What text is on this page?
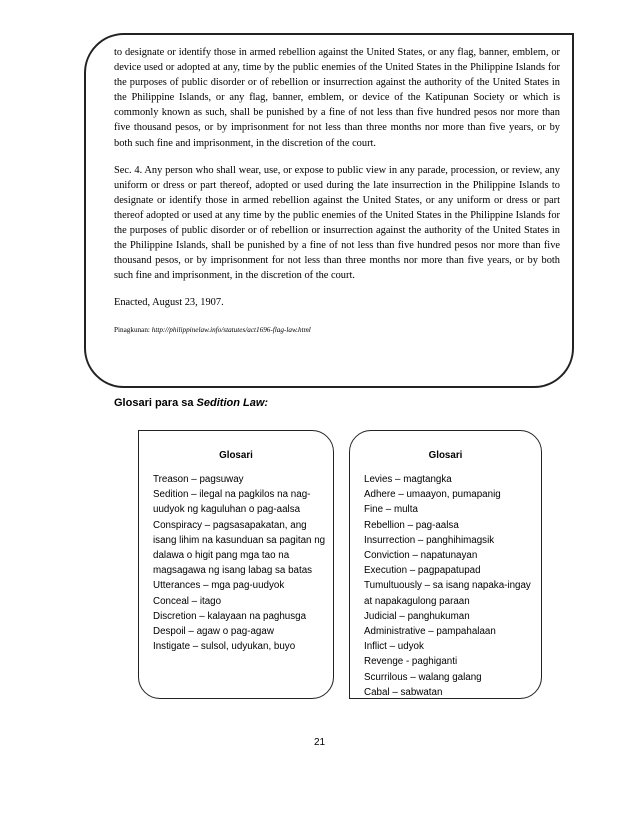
to designate or identify those in armed rebellion against the United States, or any flag, banner, emblem, or device used or adopted at any, time by the public enemies of the United States in the Philippine Islands for the purposes of public disorder or of rebellion or insurrection against the authority of the United States in the Philippine Islands, or any flag, banner, emblem, or device of the Katipunan Society or which is commonly known as such, shall be punished by a fine of not less than five hundred pesos nor more than five thousand pesos, or by imprisonment for not less than three months nor more than five years, or by both such fine and imprisonment, in the discretion of the court.

Sec. 4. Any person who shall wear, use, or expose to public view in any parade, procession, or review, any uniform or dress or part thereof, adopted or used during the late insurrection in the Philippine Islands to designate or identify those in armed rebellion against the United States, or any uniform or dress or part thereof adopted or used at any time by the public enemies of the United States in the Philippine Islands for the purposes of public disorder or of rebellion or insurrection against the authority of the United States in the Philippine Islands, shall be punished by a fine of not less than five hundred pesos nor more than five thousand pesos, or by imprisonment for not less than three months nor more than five years, or by both such fine and imprisonment, in the discretion of the court.

Enacted, August 23, 1907.

Pinagkunan: http://philippinelaw.info/statutes/act1696-flag-law.html

Glosari para sa Sedition Law:

Glosari

Treason – pagsuway
Sedition – ilegal na pagkilos na nag-uudyok ng kaguluhan o pag-aalsa
Conspiracy – pagsasapakatan, ang isang lihim na kasunduan sa pagitan ng dalawa o higit pang mga tao na magsagawa ng isang labag sa batas
Utterances – mga pag-uudyok
Conceal – itago
Discretion – kalayaan na paghusga
Despoil – agaw o pag-agaw
Instigate – sulsol, udyukan, buyo

Glosari

Levies – magtangka
Adhere – umaayon, pumapanig
Fine – multa
Rebellion – pag-aalsa
Insurrection – panghihimagsik
Conviction – napatunayan
Execution – pagpapatupad
Tumultuously – sa isang napaka-ingay at napakagulong paraan
Judicial – panghukuman
Administrative – pampahalaan
Inflict – udyok
Revenge - paghiganti
Scurrilous – walang galang
Cabal – sabwatan
21
